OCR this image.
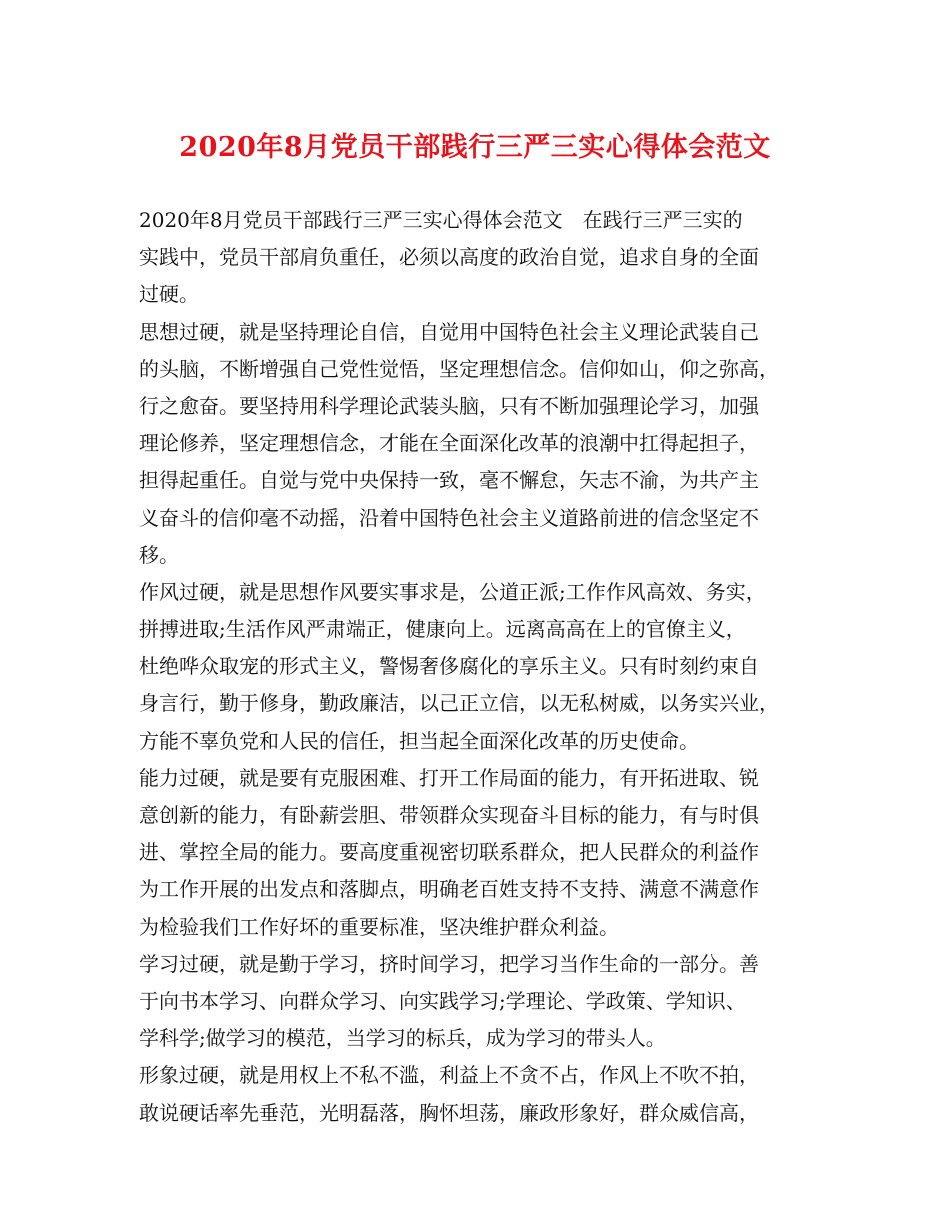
2020年8月党员干部践行三严三实心得体会范文
2020年8月党员干部践行三严三实心得体会范文　在践行三严三实的
实践中，党员干部肩负重任，必须以高度的政治自觉，追求自身的全面
过硬。
思想过硬，就是坚持理论自信，自觉用中国特色社会主义理论武装自己
的头脑，不断增强自己党性觉悟，坚定理想信念。信仰如山，仰之弥高，
行之愈奋。要坚持用科学理论武装头脑，只有不断加强理论学习，加强
理论修养，坚定理想信念，才能在全面深化改革的浪潮中扛得起担子，
担得起重任。自觉与党中央保持一致，毫不懈怠，矢志不渝，为共产主
义奋斗的信仰毫不动摇，沿着中国特色社会主义道路前进的信念坚定不
移。
作风过硬，就是思想作风要实事求是，公道正派;工作作风高效、务实，
拼搏进取;生活作风严肃端正，健康向上。远离高高在上的官僚主义，
杜绝哗众取宠的形式主义，警惕奢侈腐化的享乐主义。只有时刻约束自
身言行，勤于修身，勤政廉洁，以己正立信，以无私树威，以务实兴业，
方能不辜负党和人民的信任，担当起全面深化改革的历史使命。
能力过硬，就是要有克服困难、打开工作局面的能力，有开拓进取、锐
意创新的能力，有卧薪尝胆、带领群众实现奋斗目标的能力，有与时俱
进、掌控全局的能力。要高度重视密切联系群众，把人民群众的利益作
为工作开展的出发点和落脚点，明确老百姓支持不支持、满意不满意作
为检验我们工作好坏的重要标准，坚决维护群众利益。
学习过硬，就是勤于学习，挤时间学习，把学习当作生命的一部分。善
于向书本学习、向群众学习、向实践学习;学理论、学政策、学知识、
学科学;做学习的模范，当学习的标兵，成为学习的带头人。
形象过硬，就是用权上不私不滥，利益上不贪不占，作风上不吹不拍，
敢说硬话率先垂范，光明磊落，胸怀坦荡，廉政形象好，群众威信高，
